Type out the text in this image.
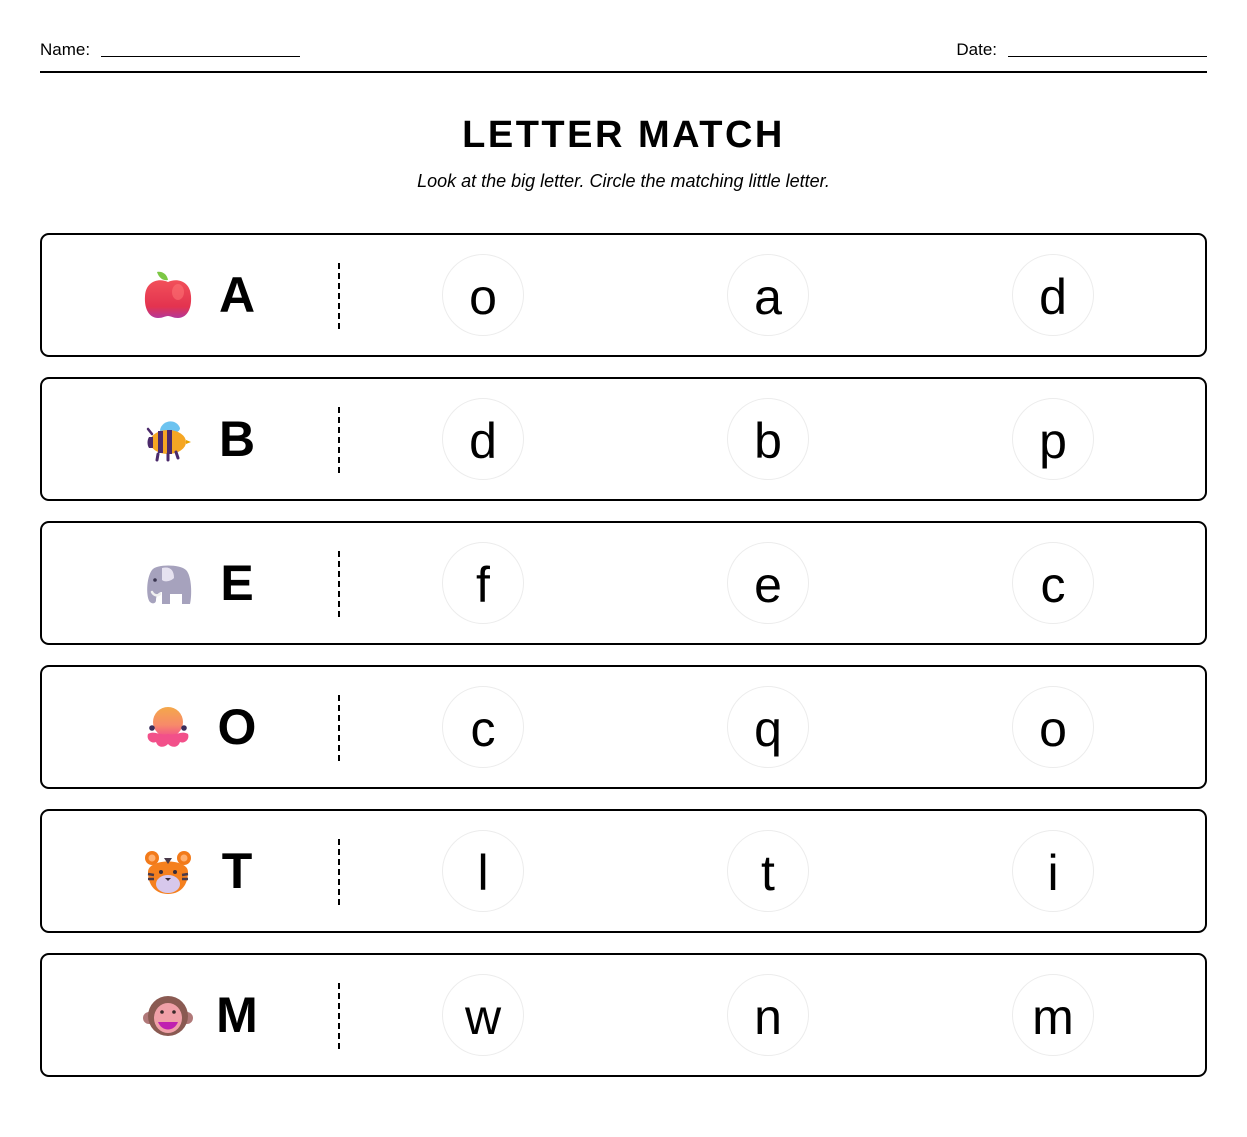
Name:	Date:
LETTER MATCH

Look at the big letter. Circle the matching little letter.

A	o	a	d
B	d	b	p
E	f	e	c
O	c	q	o
T	l	t	i
M	w	n	m
